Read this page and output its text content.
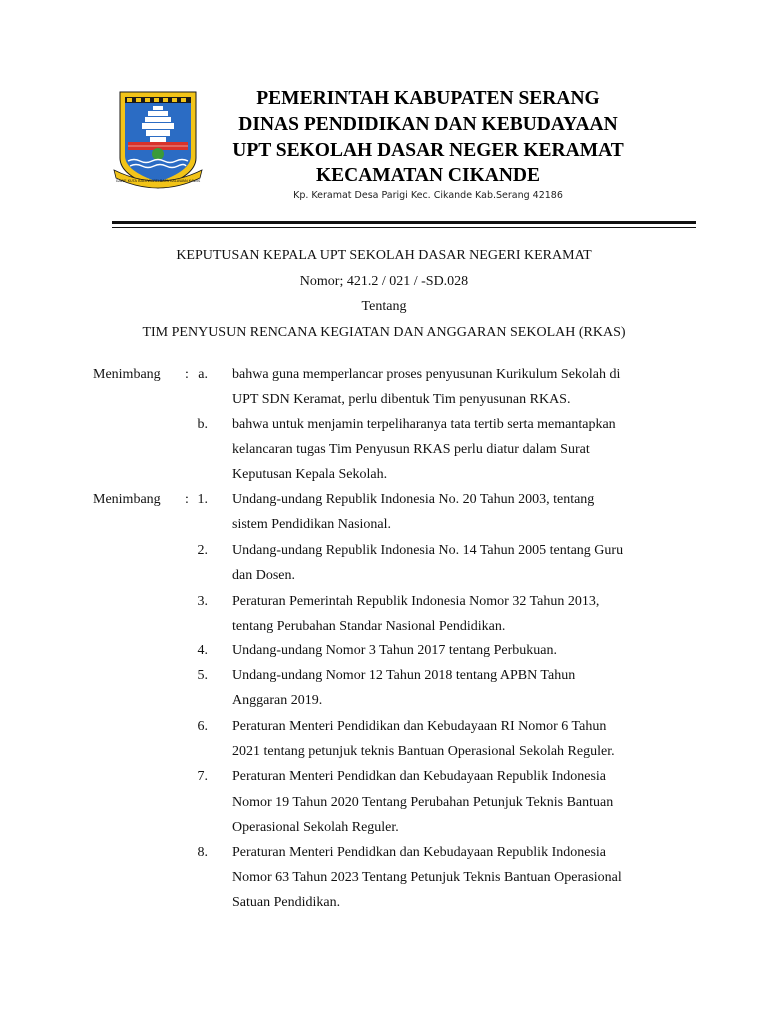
GAWE KUTA BALUWARTI BATA KALAWAN KAWIS
PEMERINTAH KABUPATEN SERANG
DINAS PENDIDIKAN DAN KEBUDAYAAN
UPT SEKOLAH DASAR NEGER KERAMAT
KECAMATAN CIKANDE
Kp. Keramat Desa Parigi Kec. Cikande Kab.Serang 42186
KEPUTUSAN KEPALA UPT SEKOLAH DASAR NEGERI KERAMAT
Nomor; 421.2 / 021 / -SD.028
Tentang
TIM PENYUSUN RENCANA KEGIATAN DAN ANGGARAN SEKOLAH (RKAS)
Menimbang : a. bahwa guna memperlancar proses penyusunan Kurikulum Sekolah di
UPT SDN Keramat, perlu dibentuk Tim penyusunan RKAS.
b. bahwa untuk menjamin terpeliharanya tata tertib serta memantapkan
kelancaran tugas Tim Penyusun RKAS perlu diatur dalam Surat
Keputusan Kepala Sekolah.
Menimbang : 1. Undang-undang Republik Indonesia No. 20 Tahun 2003, tentang
sistem Pendidikan Nasional.
2. Undang-undang Republik Indonesia No. 14 Tahun 2005 tentang Guru
dan Dosen.
3. Peraturan Pemerintah Republik Indonesia Nomor 32 Tahun 2013,
tentang Perubahan Standar Nasional Pendidikan.
4. Undang-undang Nomor 3 Tahun 2017 tentang Perbukuan.
5. Undang-undang Nomor 12 Tahun 2018 tentang APBN Tahun
Anggaran 2019.
6. Peraturan Menteri Pendidikan dan Kebudayaan RI Nomor 6 Tahun
2021 tentang petunjuk teknis Bantuan Operasional Sekolah Reguler.
7. Peraturan Menteri Pendidkan dan Kebudayaan Republik Indonesia
Nomor 19 Tahun 2020 Tentang Perubahan Petunjuk Teknis Bantuan
Operasional Sekolah Reguler.
8. Peraturan Menteri Pendidkan dan Kebudayaan Republik Indonesia
Nomor 63 Tahun 2023 Tentang Petunjuk Teknis Bantuan Operasional
Satuan Pendidikan.
